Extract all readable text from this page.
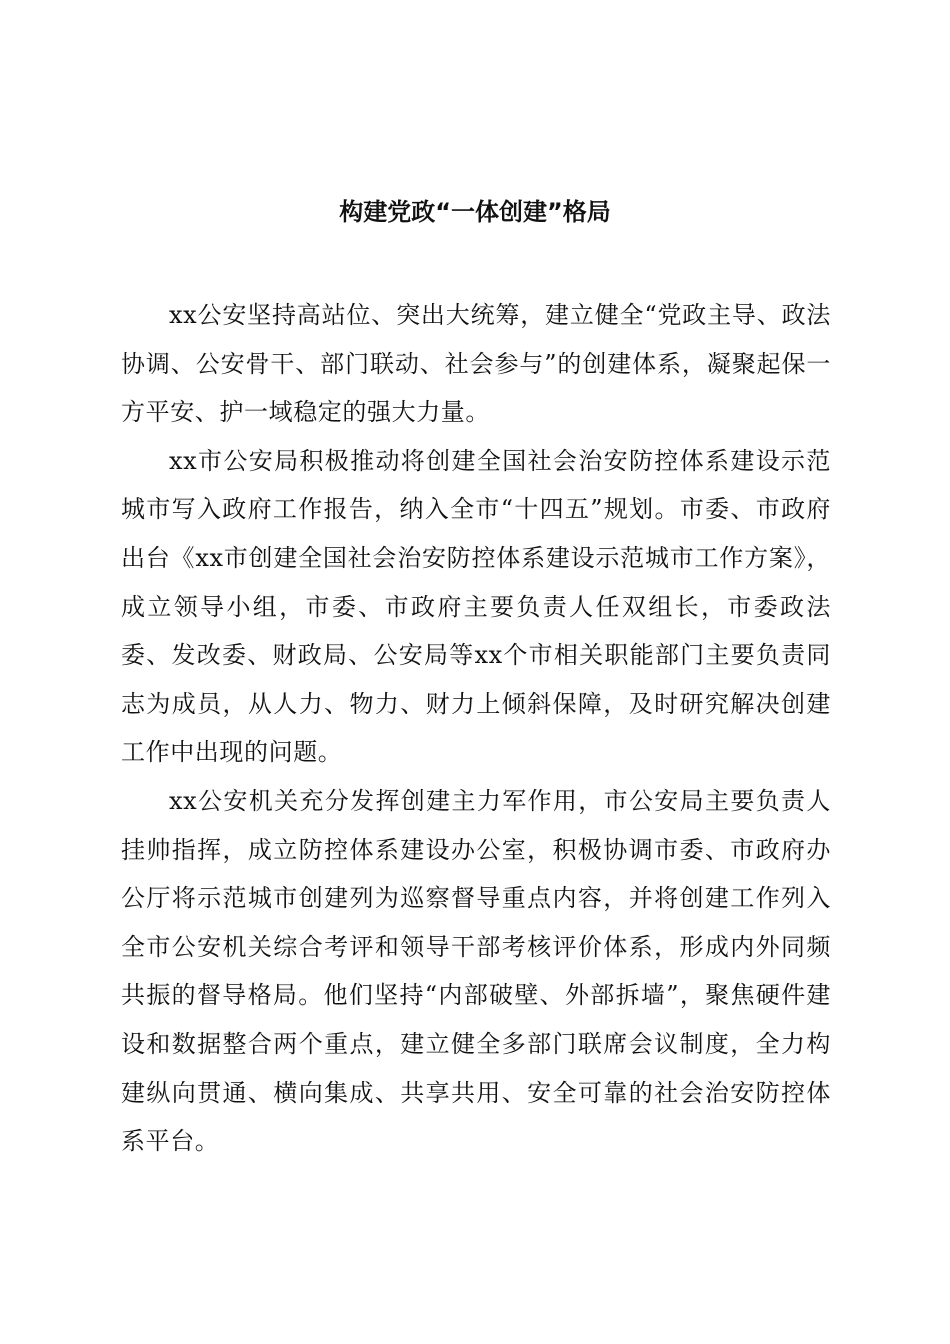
构建党政“一体创建”格局

xx公安坚持高站位、突出大统筹，建立健全“党政主导、政法协调、公安骨干、部门联动、社会参与”的创建体系，凝聚起保一方平安、护一域稳定的强大力量。

xx市公安局积极推动将创建全国社会治安防控体系建设示范城市写入政府工作报告，纳入全市“十四五”规划。市委、市政府出台《xx市创建全国社会治安防控体系建设示范城市工作方案》，成立领导小组，市委、市政府主要负责人任双组长，市委政法委、发改委、财政局、公安局等xx个市相关职能部门主要负责同志为成员，从人力、物力、财力上倾斜保障，及时研究解决创建工作中出现的问题。

xx公安机关充分发挥创建主力军作用，市公安局主要负责人挂帅指挥，成立防控体系建设办公室，积极协调市委、市政府办公厅将示范城市创建列为巡察督导重点内容，并将创建工作列入全市公安机关综合考评和领导干部考核评价体系，形成内外同频共振的督导格局。他们坚持“内部破壁、外部拆墙”，聚焦硬件建设和数据整合两个重点，建立健全多部门联席会议制度，全力构建纵向贯通、横向集成、共享共用、安全可靠的社会治安防控体系平台。
